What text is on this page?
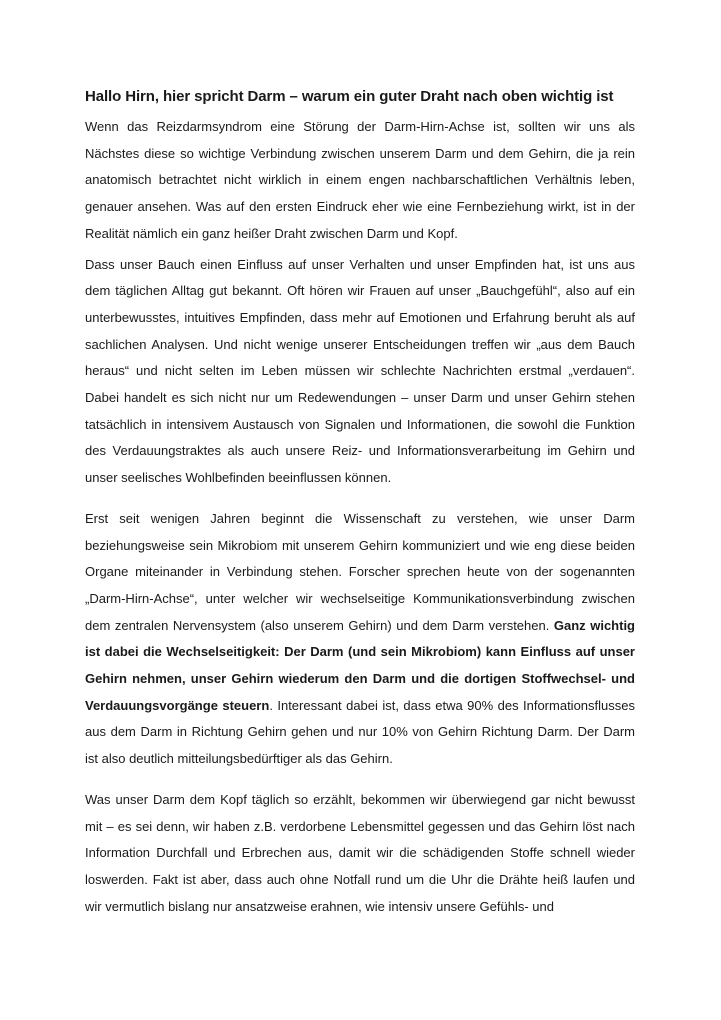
Hallo Hirn, hier spricht Darm – warum ein guter Draht nach oben wichtig ist

Wenn das Reizdarmsyndrom eine Störung der Darm-Hirn-Achse ist, sollten wir uns als Nächstes diese so wichtige Verbindung zwischen unserem Darm und dem Gehirn, die ja rein anatomisch betrachtet nicht wirklich in einem engen nachbarschaftlichen Verhältnis leben, genauer ansehen. Was auf den ersten Eindruck eher wie eine Fernbeziehung wirkt, ist in der Realität nämlich ein ganz heißer Draht zwischen Darm und Kopf.

Dass unser Bauch einen Einfluss auf unser Verhalten und unser Empfinden hat, ist uns aus dem täglichen Alltag gut bekannt. Oft hören wir Frauen auf unser „Bauchgefühl“, also auf ein unterbewusstes, intuitives Empfinden, dass mehr auf Emotionen und Erfahrung beruht als auf sachlichen Analysen. Und nicht wenige unserer Entscheidungen treffen wir „aus dem Bauch heraus“ und nicht selten im Leben müssen wir schlechte Nachrichten erstmal „verdauen“. Dabei handelt es sich nicht nur um Redewendungen – unser Darm und unser Gehirn stehen tatsächlich in intensivem Austausch von Signalen und Informationen, die sowohl die Funktion des Verdauungstraktes als auch unsere Reiz- und Informationsverarbeitung im Gehirn und unser seelisches Wohlbefinden beeinflussen können.

Erst seit wenigen Jahren beginnt die Wissenschaft zu verstehen, wie unser Darm beziehungsweise sein Mikrobiom mit unserem Gehirn kommuniziert und wie eng diese beiden Organe miteinander in Verbindung stehen. Forscher sprechen heute von der sogenannten „Darm-Hirn-Achse“, unter welcher wir wechselseitige Kommunikationsverbindung zwischen dem zentralen Nervensystem (also unserem Gehirn) und dem Darm verstehen. Ganz wichtig ist dabei die Wechselseitigkeit: Der Darm (und sein Mikrobiom) kann Einfluss auf unser Gehirn nehmen, unser Gehirn wiederum den Darm und die dortigen Stoffwechsel- und Verdauungsvorgänge steuern. Interessant dabei ist, dass etwa 90% des Informationsflusses aus dem Darm in Richtung Gehirn gehen und nur 10% von Gehirn Richtung Darm. Der Darm ist also deutlich mitteilungsbedürftiger als das Gehirn.

Was unser Darm dem Kopf täglich so erzählt, bekommen wir überwiegend gar nicht bewusst mit – es sei denn, wir haben z.B. verdorbene Lebensmittel gegessen und das Gehirn löst nach Information Durchfall und Erbrechen aus, damit wir die schädigenden Stoffe schnell wieder loswerden. Fakt ist aber, dass auch ohne Notfall rund um die Uhr die Drähte heiß laufen und wir vermutlich bislang nur ansatzweise erahnen, wie intensiv unsere Gefühls- und
